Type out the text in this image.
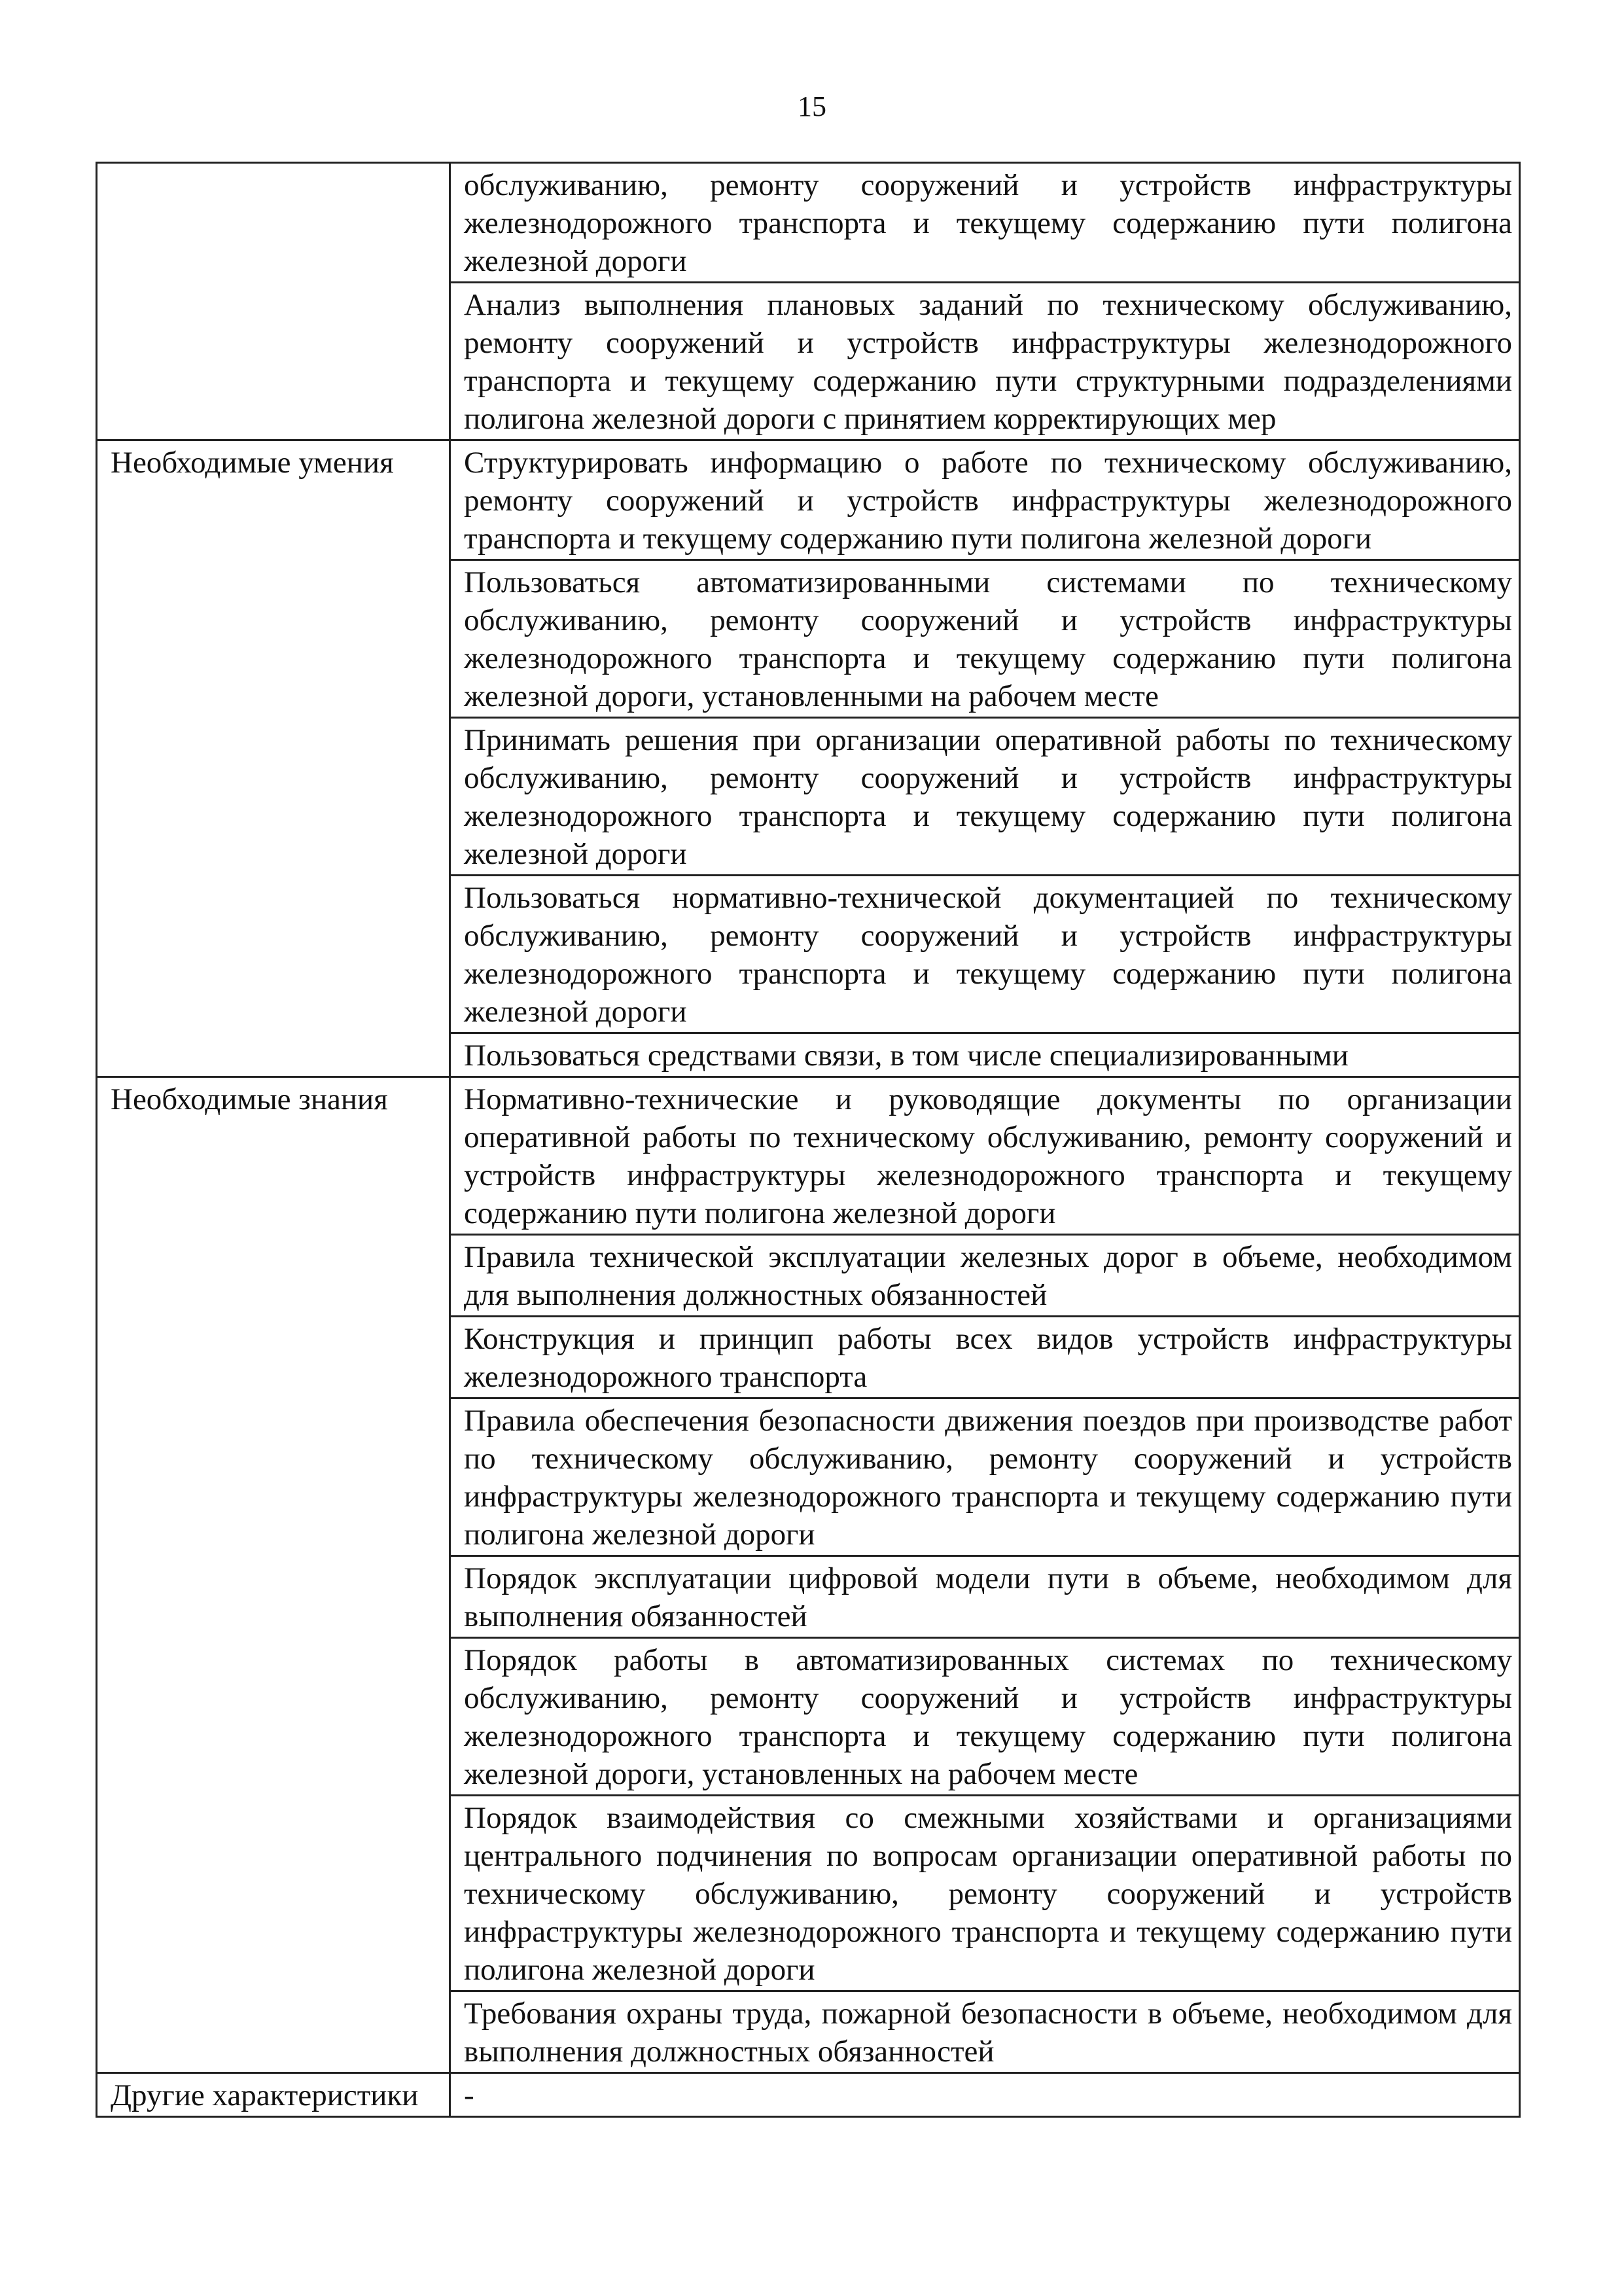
15
	обслуживанию, ремонту сооружений и устройств инфраструктуры железнодорожного транспорта и текущему содержанию пути полигона железной дороги
	Анализ выполнения плановых заданий по техническому обслуживанию, ремонту сооружений и устройств инфраструктуры железнодорожного транспорта и текущему содержанию пути структурными подразделениями полигона железной дороги с принятием корректирующих мер
Необходимые умения	Структурировать информацию о работе по техническому обслуживанию, ремонту сооружений и устройств инфраструктуры железнодорожного транспорта и текущему содержанию пути полигона железной дороги
	Пользоваться автоматизированными системами по техническому обслуживанию, ремонту сооружений и устройств инфраструктуры железнодорожного транспорта и текущему содержанию пути полигона железной дороги, установленными на рабочем месте
	Принимать решения при организации оперативной работы по техническому обслуживанию, ремонту сооружений и устройств инфраструктуры железнодорожного транспорта и текущему содержанию пути полигона железной дороги
	Пользоваться нормативно-технической документацией по техническому обслуживанию, ремонту сооружений и устройств инфраструктуры железнодорожного транспорта и текущему содержанию пути полигона железной дороги
	Пользоваться средствами связи, в том числе специализированными
Необходимые знания	Нормативно-технические и руководящие документы по организации оперативной работы по техническому обслуживанию, ремонту сооружений и устройств инфраструктуры железнодорожного транспорта и текущему содержанию пути полигона железной дороги
	Правила технической эксплуатации железных дорог в объеме, необходимом для выполнения должностных обязанностей
	Конструкция и принцип работы всех видов устройств инфраструктуры железнодорожного транспорта
	Правила обеспечения безопасности движения поездов при производстве работ по техническому обслуживанию, ремонту сооружений и устройств инфраструктуры железнодорожного транспорта и текущему содержанию пути полигона железной дороги
	Порядок эксплуатации цифровой модели пути в объеме, необходимом для выполнения обязанностей
	Порядок работы в автоматизированных системах по техническому обслуживанию, ремонту сооружений и устройств инфраструктуры железнодорожного транспорта и текущему содержанию пути полигона железной дороги, установленных на рабочем месте
	Порядок взаимодействия со смежными хозяйствами и организациями центрального подчинения по вопросам организации оперативной работы по техническому обслуживанию, ремонту сооружений и устройств инфраструктуры железнодорожного транспорта и текущему содержанию пути полигона железной дороги
	Требования охраны труда, пожарной безопасности в объеме, необходимом для выполнения должностных обязанностей
Другие характеристики	-
